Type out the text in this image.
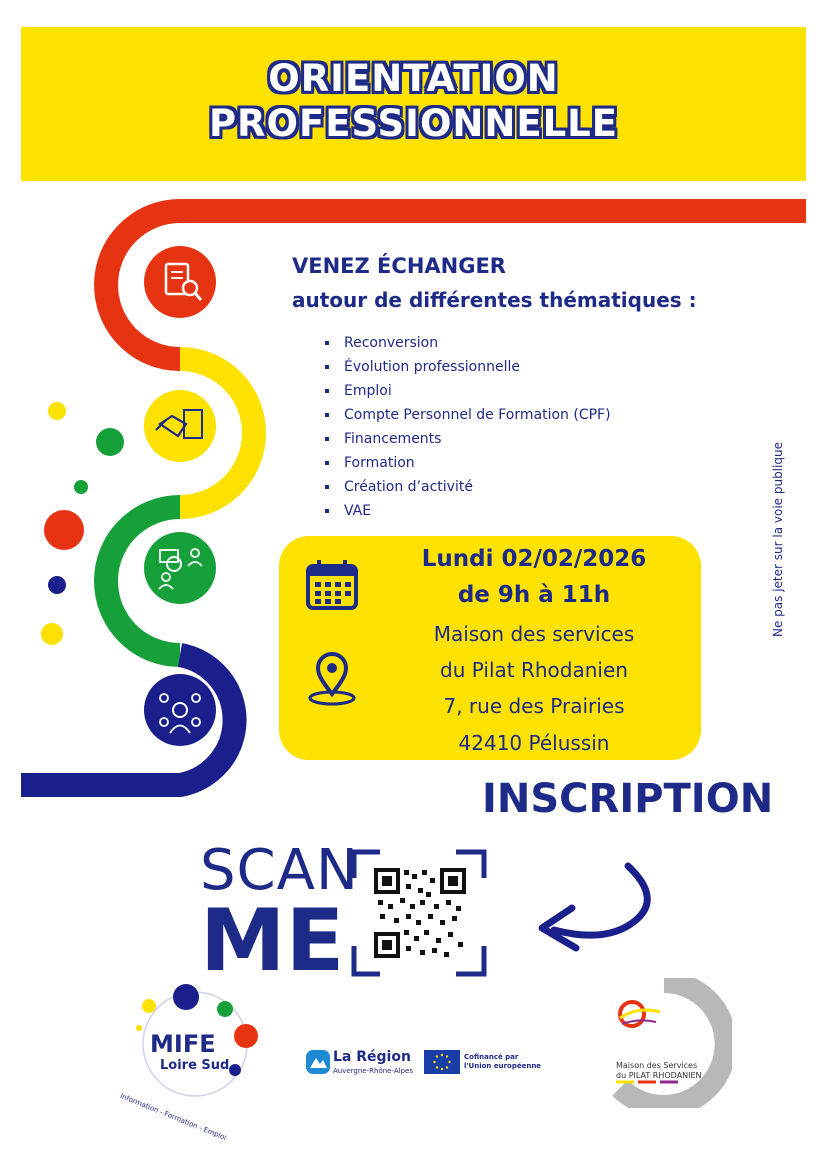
ORIENTATION
PROFESSIONNELLE
VENEZ ÉCHANGER
autour de différentes thématiques :
Reconversion
Évolution professionnelle
Emploi
Compte Personnel de Formation (CPF)
Financements
Formation
Création d’activité
VAE
Lundi 02/02/2026
de 9h à 11h
Maison des services
du Pilat Rhodanien
7, rue des Prairies
42410 Pélussin
Ne pas jeter sur la voie publique
INSCRIPTION
SCAN
ME
MIFE
Loire Sud
Information - Formation - Emploi
La Région
Auvergne-Rhône-Alpes
Cofinancé par l'Union européenne	Maison des Services
du PILAT RHODANIEN
